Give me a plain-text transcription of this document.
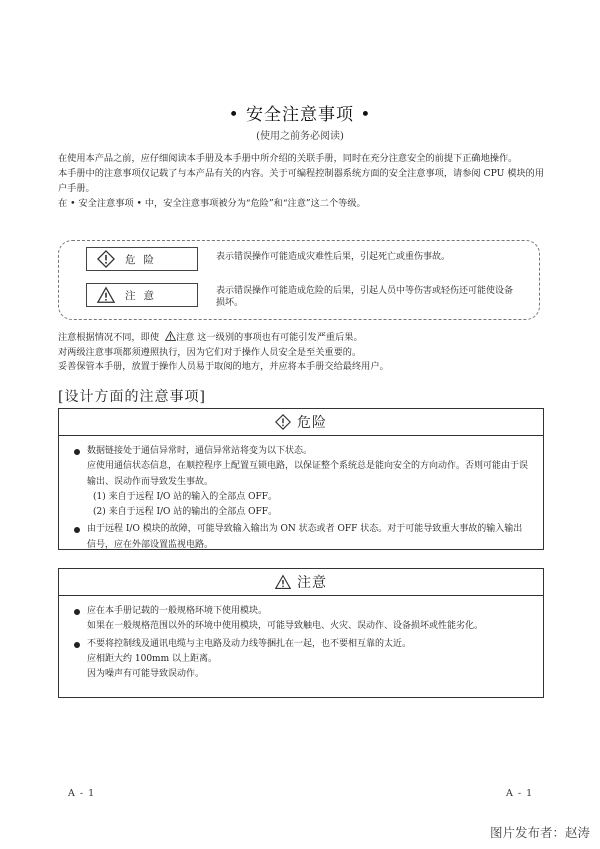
• 安全注意事项 •
(使用之前务必阅读)

在使用本产品之前，应仔细阅读本手册及本手册中所介绍的关联手册，同时在充分注意安全的前提下正确地操作。

本手册中的注意事项仅记载了与本产品有关的内容。关于可编程控制器系统方面的安全注意事项，请参阅 CPU 模块的用户手册。

在 • 安全注意事项 • 中，安全注意事项被分为“危险”和“注意”这二个等级。

危险	表示错误操作可能造成灾难性后果，引起死亡或重伤事故。
注意	表示错误操作可能造成危险的后果，引起人员中等伤害或轻伤还可能使设备损坏。

注意根据情况不同，即使 注意 这一级别的事项也有可能引发严重后果。

对两级注意事项都须遵照执行，因为它们对于操作人员安全是至关重要的。

妥善保管本手册，放置于操作人员易于取阅的地方，并应将本手册交给最终用户。

[设计方面的注意事项]
危险

数据链接处于通信异常时，通信异常站将变为以下状态。

应使用通信状态信息，在顺控程序上配置互锁电路，以保证整个系统总是能向安全的方向动作。否则可能由于误输出、误动作而导致发生事故。

(1) 来自于远程 I/O 站的输入的全部点 OFF。

(2) 来自于远程 I/O 站的输出的全部点 OFF。

由于远程 I/O 模块的故障，可能导致输入输出为 ON 状态或者 OFF 状态。对于可能导致重大事故的输入输出信号，应在外部设置监视电路。

注意

应在本手册记载的一般规格环境下使用模块。

如果在一般规格范围以外的环境中使用模块，可能导致触电、火灾、误动作、设备损坏或性能劣化。

不要将控制线及通讯电缆与主电路及动力线等捆扎在一起，也不要相互靠的太近。

应相距大约 100mm 以上距离。

因为噪声有可能导致误动作。

A - 1	A - 1
图片发布者：赵涛
